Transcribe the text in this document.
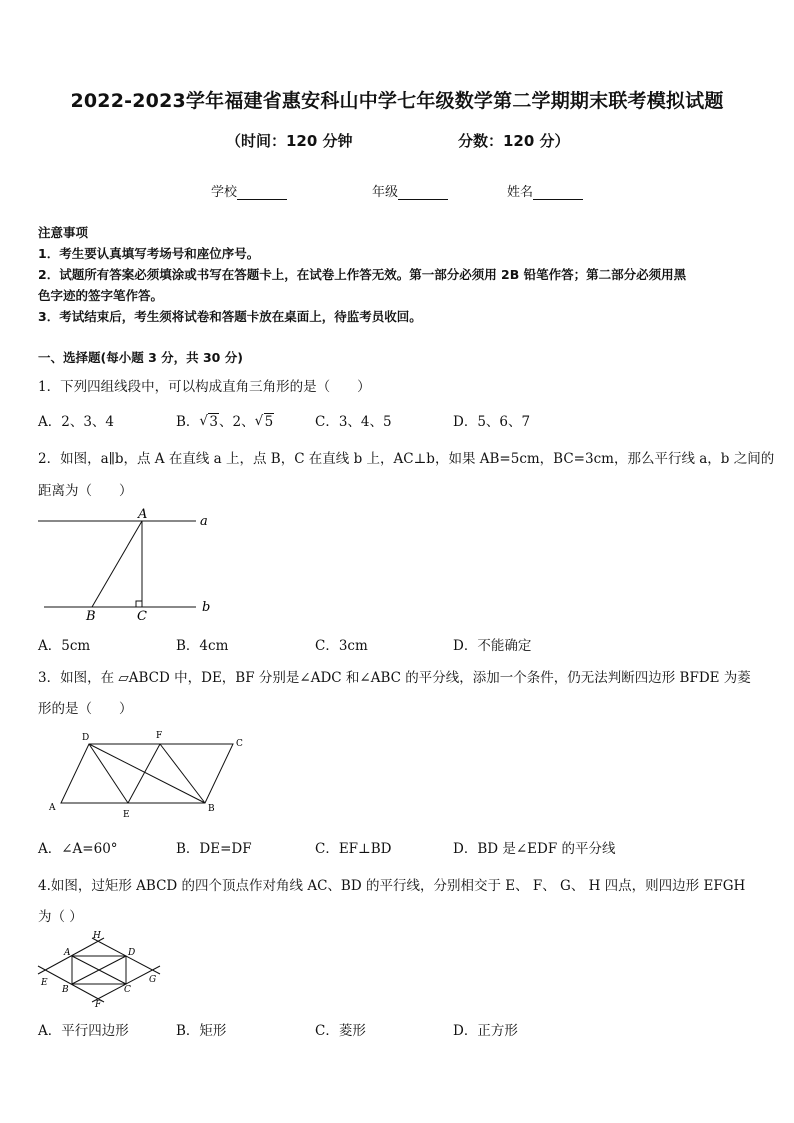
2022-2023学年福建省惠安科山中学七年级数学第二学期期末联考模拟试题
（时间：120 分钟	分数：120 分）
学校	年级	姓名
注意事项
1．考生要认真填写考场号和座位序号。
2．试题所有答案必须填涂或书写在答题卡上，在试卷上作答无效。第一部分必须用 2B 铅笔作答；第二部分必须用黑
色字迹的签字笔作答。
3．考试结束后，考生须将试卷和答题卡放在桌面上，待监考员收回。
一、选择题(每小题 3 分，共 30 分)
1．下列四组线段中，可以构成直角三角形的是（　　）
A．2、3、4	B． √ 3、2、 √ 5	C．3、4、5	D．5、6、7
2．如图，a∥b，点 A 在直线 a 上，点 B，C 在直线 b 上，AC⊥b，如果 AB=5cm，BC=3cm，那么平行线 a，b 之间的
距离为（　　）
A
B	C
a
b
A．5cm	B．4cm	C．3cm	D．不能确定
3．如图，在 ▱ABCD 中，DE，BF 分别是∠ADC 和∠ABC 的平分线，添加一个条件，仍无法判断四边形 BFDE 为菱
形的是（　　）
A	B
C
D
E
F
A．∠A=60°	B．DE=DF	C．EF⊥BD	D．BD 是∠EDF 的平分线
4.如图，过矩形 ABCD 的四个顶点作对角线 AC、BD 的平行线，分别相交于 E、 F、 G、 H 四点，则四边形 EFGH
为（ ）
A
B	C
D
E
F
G
H
A．平行四边形	B．矩形	C．菱形	D．正方形
